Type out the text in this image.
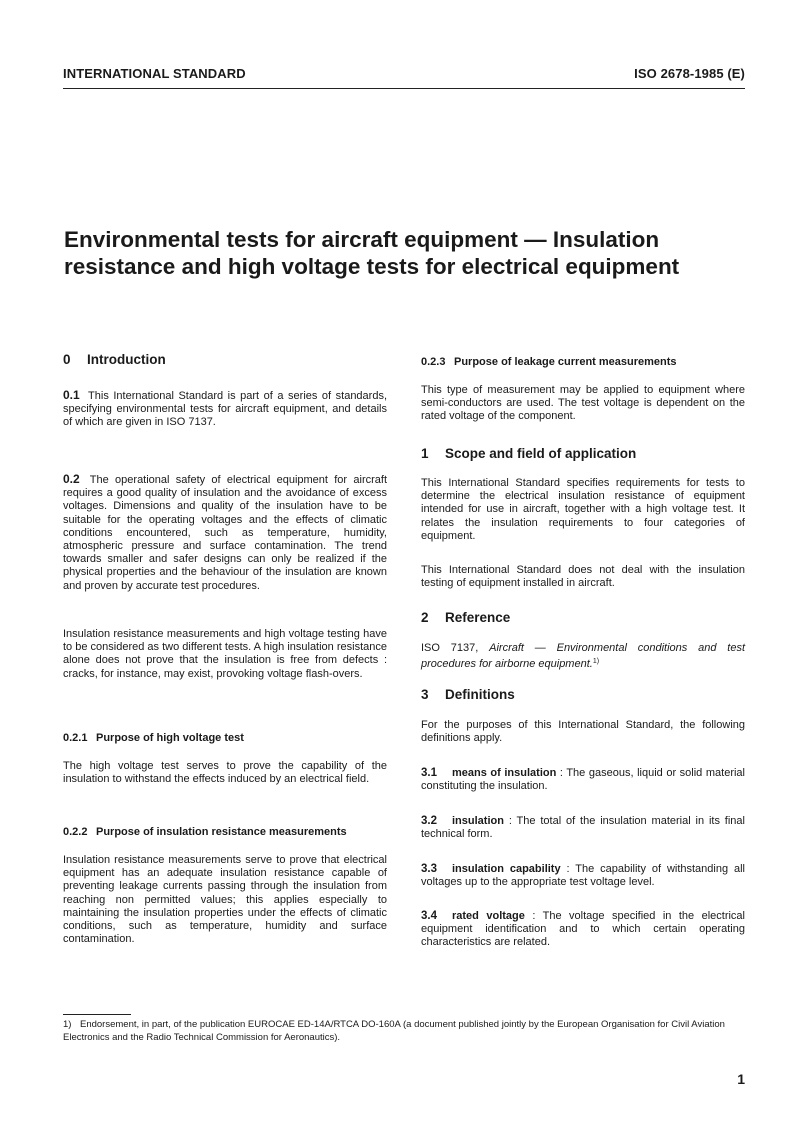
INTERNATIONAL STANDARD	ISO 2678-1985 (E)
Environmental tests for aircraft equipment — Insulation
resistance and high voltage tests for electrical equipment
0 Introduction

0.1 This International Standard is part of a series of standards, specifying environmental tests for aircraft equipment, and details of which are given in ISO 7137.

0.2 The operational safety of electrical equipment for aircraft requires a good quality of insulation and the avoidance of excess voltages. Dimensions and quality of the insulation have to be suitable for the operating voltages and the effects of climatic conditions encountered, such as temperature, humidity, atmospheric pressure and surface contamination. The trend towards smaller and safer designs can only be realized if the physical properties and the behaviour of the insulation are known and proven by accurate test procedures.

Insulation resistance measurements and high voltage testing have to be considered as two different tests. A high insulation resistance alone does not prove that the insulation is free from defects : cracks, for instance, may exist, provoking voltage flash-overs.

0.2.1 Purpose of high voltage test

The high voltage test serves to prove the capability of the insulation to withstand the effects induced by an electrical field.

0.2.2 Purpose of insulation resistance measurements

Insulation resistance measurements serve to prove that electrical equipment has an adequate insulation resistance capable of preventing leakage currents passing through the insulation from reaching non permitted values; this applies especially to maintaining the insulation properties under the effects of climatic conditions, such as temperature, humidity and surface contamination.

0.2.3 Purpose of leakage current measurements

This type of measurement may be applied to equipment where semi-conductors are used. The test voltage is dependent on the rated voltage of the component.

1 Scope and field of application

This International Standard specifies requirements for tests to determine the electrical insulation resistance of equipment intended for use in aircraft, together with a high voltage test. It relates the insulation requirements to four categories of equipment.

This International Standard does not deal with the insulation testing of equipment installed in aircraft.

2 Reference

ISO 7137, Aircraft — Environmental conditions and test procedures for airborne equipment.$^{1)}$

3 Definitions

For the purposes of this International Standard, the following definitions apply.

3.1 means of insulation : The gaseous, liquid or solid material constituting the insulation.

3.2 insulation : The total of the insulation material in its final technical form.

3.3 insulation capability : The capability of withstanding all voltages up to the appropriate test voltage level.

3.4 rated voltage : The voltage specified in the electrical equipment identification and to which certain operating characteristics are related.

1) Endorsement, in part, of the publication EUROCAE ED-14A/RTCA DO-160A (a document published jointly by the European Organisation for Civil Aviation Electronics and the Radio Technical Commission for Aeronautics).
1
